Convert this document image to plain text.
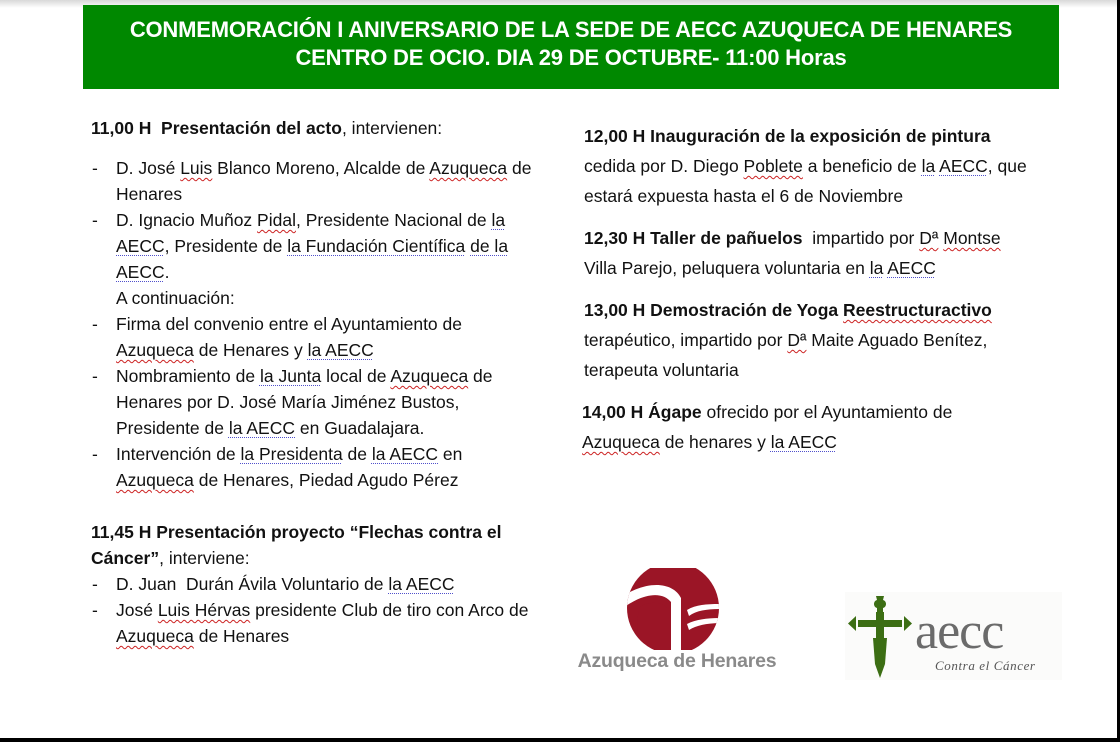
CONMEMORACIÓN I ANIVERSARIO DE LA SEDE DE AECC AZUQUECA DE HENARES
CENTRO DE OCIO. DIA 29 DE OCTUBRE- 11:00 Horas

11,00 H  Presentación del acto, intervienen:

- D. José Luis Blanco Moreno, Alcalde de Azuqueca de Henares
- D. Ignacio Muñoz Pidal, Presidente Nacional de la AECC, Presidente de la Fundación Científica de la AECC.
A continuación:
- Firma del convenio entre el Ayuntamiento de Azuqueca de Henares y la AECC
- Nombramiento de la Junta local de Azuqueca de Henares por D. José María Jiménez Bustos, Presidente de la AECC en Guadalajara.
- Intervención de la Presidenta de la AECC en Azuqueca de Henares, Piedad Agudo Pérez

11,45 H Presentación proyecto “Flechas contra el Cáncer”, interviene:

- D. Juan  Durán Ávila Voluntario de la AECC
- José Luis Hérvas presidente Club de tiro con Arco de Azuqueca de Henares
12,00 H Inauguración de la exposición de pintura
cedida por D. Diego Poblete a beneficio de la AECC, que estará expuesta hasta el 6 de Noviembre
12,30 H Taller de pañuelos impartido por Dª Montse Villa Parejo, peluquera voluntaria en la AECC
13,00 H Demostración de Yoga Reestructuractivo
terapéutico, impartido por Dª Maite Aguado Benítez, terapeuta voluntaria
14,00 H Ágape ofrecido por el Ayuntamiento de Azuqueca de henares y la AECC
Azuqueca de Henares
aecc
Contra el Cáncer
